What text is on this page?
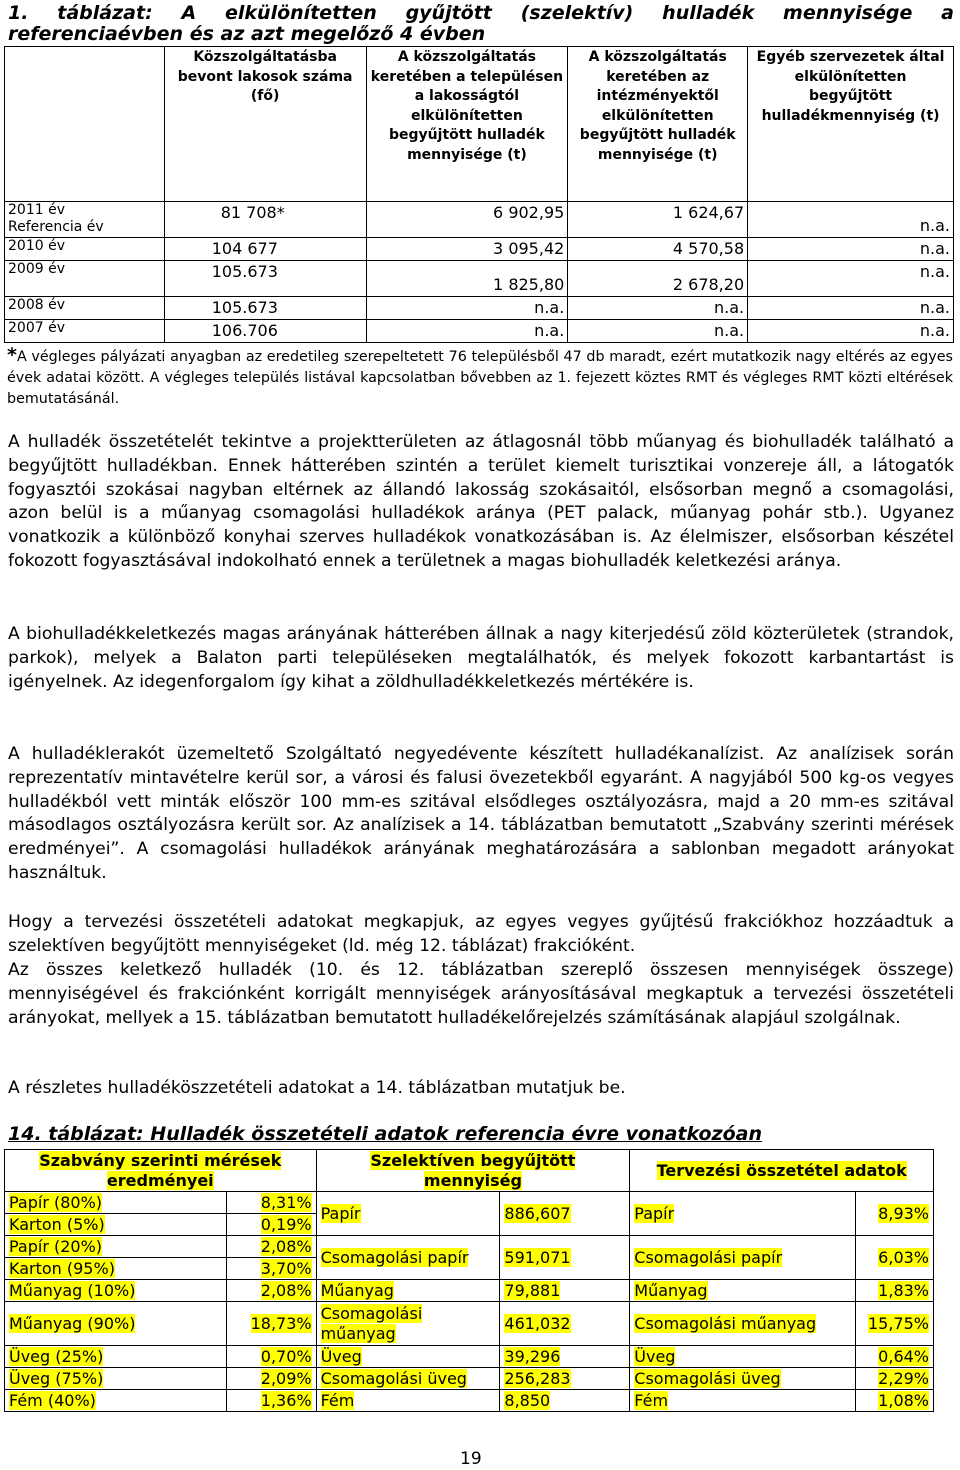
1. táblázat: A elkülönítetten gyűjtött (szelektív) hulladék mennyisége a
referenciaévben és az azt megelőző 4 évben
	Közszolgáltatásba bevont lakosok száma (fő)	A közszolgáltatás keretében a településen a lakosságtól elkülönítetten begyűjtött hulladék mennyisége (t)	A közszolgáltatás keretében az intézményektől elkülönítetten begyűjtött hulladék mennyisége (t)	Egyéb szervezetek által elkülönítetten begyűjtött hulladékmennyiség (t)
2011 év
Referencia év	81 708*	6 902,95	1 624,67	n.a.
2010 év	104 677	3 095,42	4 570,58	n.a.
2009 év	105.673	1 825,80	2 678,20	n.a.
2008 év	105.673	n.a.	n.a.	n.a.
2007 év	106.706	n.a.	n.a.	n.a.
*A végleges pályázati anyagban az eredetileg szerepeltetett 76 településből 47 db maradt, ezért mutatkozik nagy eltérés az egyes évek adatai között. A végleges település listával kapcsolatban bővebben az 1. fejezett köztes RMT és végleges RMT közti eltérések bemutatásánál.
A hulladék összetételét tekintve a projektterületen az átlagosnál több műanyag és biohulladék található a begyűjtött hulladékban. Ennek hátterében szintén a terület kiemelt turisztikai vonzereje áll, a látogatók fogyasztói szokásai nagyban eltérnek az állandó lakosság szokásaitól, elsősorban megnő a csomagolási, azon belül is a műanyag csomagolási hulladékok aránya (PET palack, műanyag pohár stb.). Ugyanez vonatkozik a különböző konyhai szerves hulladékok vonatkozásában is. Az élelmiszer, elsősorban készétel fokozott fogyasztásával indokolható ennek a területnek a magas biohulladék keletkezési aránya.
A biohulladékkeletkezés magas arányának hátterében állnak a nagy kiterjedésű zöld közterületek (strandok, parkok), melyek a Balaton parti településeken megtalálhatók, és melyek fokozott karbantartást is igényelnek. Az idegenforgalom így kihat a zöldhulladékkeletkezés mértékére is.
A hulladéklerakót üzemeltető Szolgáltató negyedévente készített hulladékanalízist. Az analízisek során reprezentatív mintavételre kerül sor, a városi és falusi övezetekből egyaránt. A nagyjából 500 kg-os vegyes hulladékból vett minták először 100 mm-es szitával elsődleges osztályozásra, majd a 20 mm-es szitával másodlagos osztályozásra került sor. Az analízisek a 14. táblázatban bemutatott „Szabvány szerinti mérések eredményei”. A csomagolási hulladékok arányának meghatározására a sablonban megadott arányokat használtuk.
Hogy a tervezési összetételi adatokat megkapjuk, az egyes vegyes gyűjtésű frakciókhoz hozzáadtuk a szelektíven begyűjtött mennyiségeket (ld. még 12. táblázat) frakcióként.
Az összes keletkező hulladék (10. és 12. táblázatban szereplő összesen mennyiségek összege) mennyiségével és frakciónként korrigált mennyiségek arányosításával megkaptuk a tervezési összetételi arányokat, mellyek a 15. táblázatban bemutatott hulladékelőrejelzés számításának alapjául szolgálnak.
A részletes hulladéköszzetételi adatokat a 14. táblázatban mutatjuk be.
14. táblázat: Hulladék összetételi adatok referencia évre vonatkozóan
Szabvány szerinti mérések eredményei		Szelektíven begyűjtött mennyiség		Tervezési összetétel adatok	
Papír (80%)	8,31%	Papír	886,607	Papír	8,93%
Karton (5%)	0,19%				
Papír (20%)	2,08%	Csomagolási papír	591,071	Csomagolási papír	6,03%
Karton (95%)	3,70%				
Műanyag (10%)	2,08%	Műanyag	79,881	Műanyag	1,83%
Műanyag (90%)	18,73%	Csomagolási műanyag	461,032	Csomagolási műanyag	15,75%
Üveg (25%)	0,70%	Üveg	39,296	Üveg	0,64%
Üveg (75%)	2,09%	Csomagolási üveg	256,283	Csomagolási üveg	2,29%
Fém (40%)	1,36%	Fém	8,850	Fém	1,08%
19
